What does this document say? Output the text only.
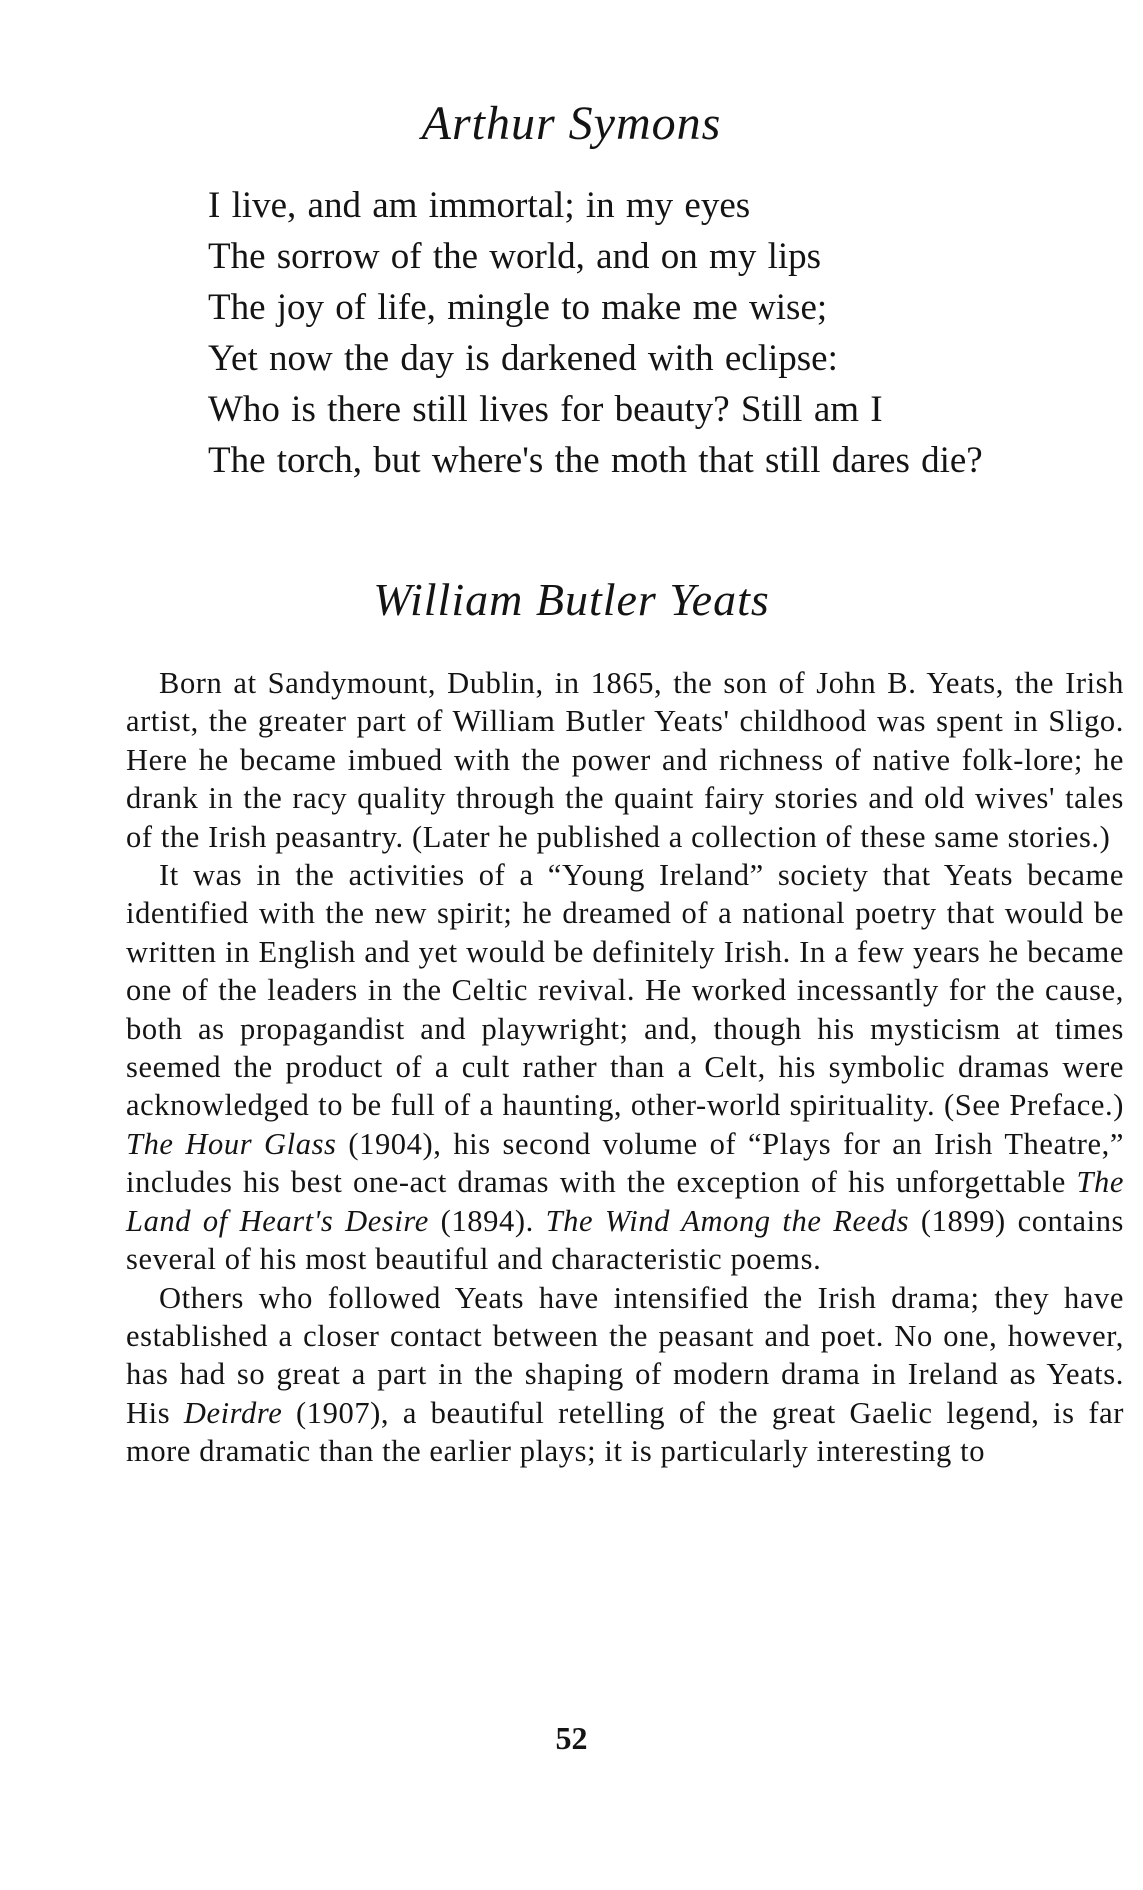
Arthur Symons
I live, and am immortal; in my eyes
The sorrow of the world, and on my lips
The joy of life, mingle to make me wise;
Yet now the day is darkened with eclipse:
Who is there still lives for beauty? Still am I
The torch, but where's the moth that still dares die?
William Butler Yeats

Born at Sandymount, Dublin, in 1865, the son of John B. Yeats, the Irish artist, the greater part of William Butler Yeats' childhood was spent in Sligo. Here he became imbued with the power and richness of native folk-lore; he drank in the racy quality through the quaint fairy stories and old wives' tales of the Irish peasantry. (Later he published a collection of these same stories.)

It was in the activities of a “Young Ireland” society that Yeats became identified with the new spirit; he dreamed of a national poetry that would be written in English and yet would be definitely Irish. In a few years he became one of the leaders in the Celtic revival. He worked incessantly for the cause, both as propagandist and playwright; and, though his mysticism at times seemed the product of a cult rather than a Celt, his symbolic dramas were acknowledged to be full of a haunting, other-world spirituality. (See Preface.) The Hour Glass (1904), his second volume of “Plays for an Irish Theatre,” includes his best one-act dramas with the exception of his unforgettable The Land of Heart's Desire (1894). The Wind Among the Reeds (1899) contains several of his most beautiful and characteristic poems.

Others who followed Yeats have intensified the Irish drama; they have established a closer contact between the peasant and poet. No one, however, has had so great a part in the shaping of modern drama in Ireland as Yeats. His Deirdre (1907), a beautiful retelling of the great Gaelic legend, is far more dramatic than the earlier plays; it is particularly interesting to

52
